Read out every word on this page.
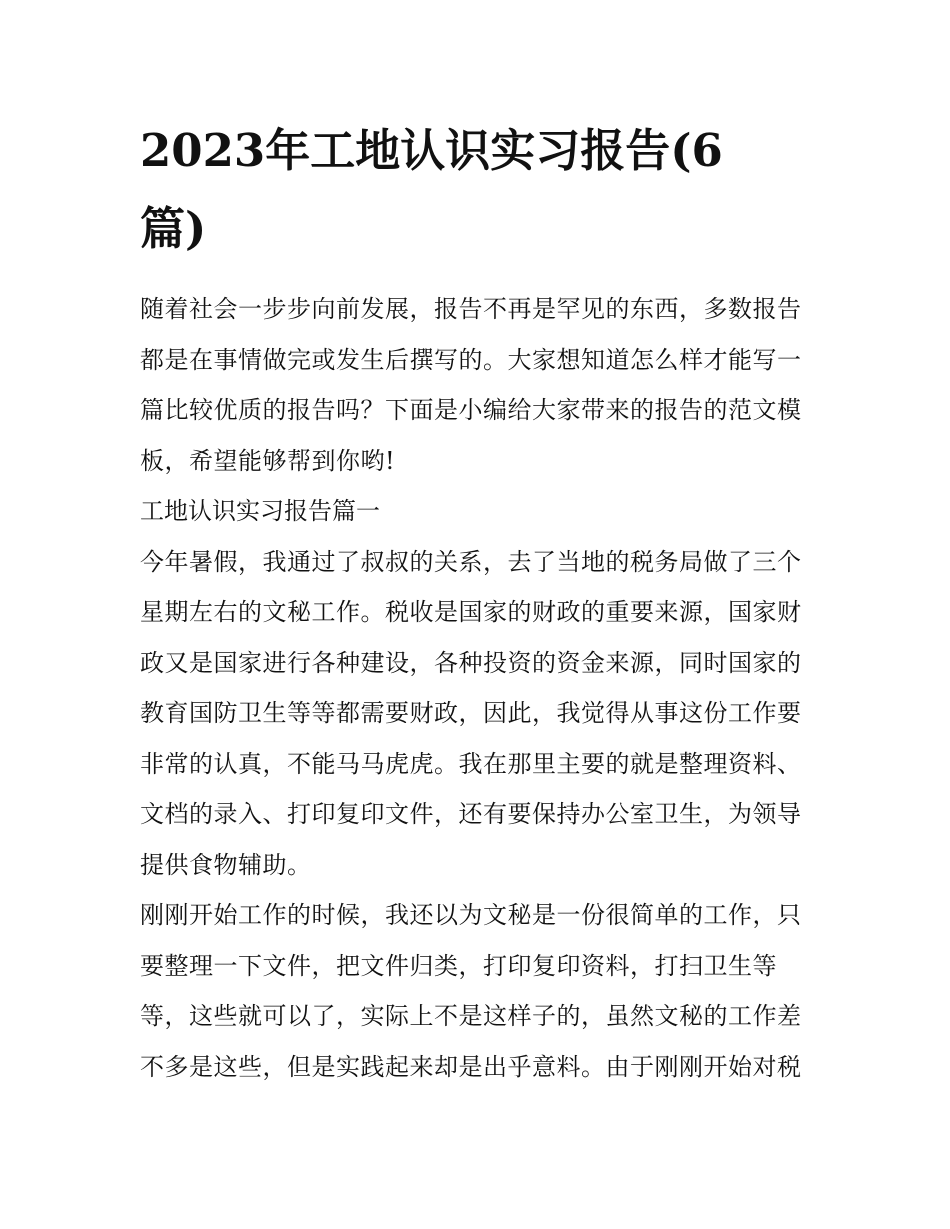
2023年工地认识实习报告(6
篇)

随着社会一步步向前发展，报告不再是罕见的东西，多数报告
都是在事情做完或发生后撰写的。大家想知道怎么样才能写一
篇比较优质的报告吗？下面是小编给大家带来的报告的范文模
板，希望能够帮到你哟!

工地认识实习报告篇一

今年暑假，我通过了叔叔的关系，去了当地的税务局做了三个
星期左右的文秘工作。税收是国家的财政的重要来源，国家财
政又是国家进行各种建设，各种投资的资金来源，同时国家的
教育国防卫生等等都需要财政，因此，我觉得从事这份工作要
非常的认真，不能马马虎虎。我在那里主要的就是整理资料、
文档的录入、打印复印文件，还有要保持办公室卫生，为领导
提供食物辅助。

刚刚开始工作的时候，我还以为文秘是一份很简单的工作，只
要整理一下文件，把文件归类，打印复印资料，打扫卫生等
等，这些就可以了，实际上不是这样子的，虽然文秘的工作差
不多是这些，但是实践起来却是出乎意料。由于刚刚开始对税
